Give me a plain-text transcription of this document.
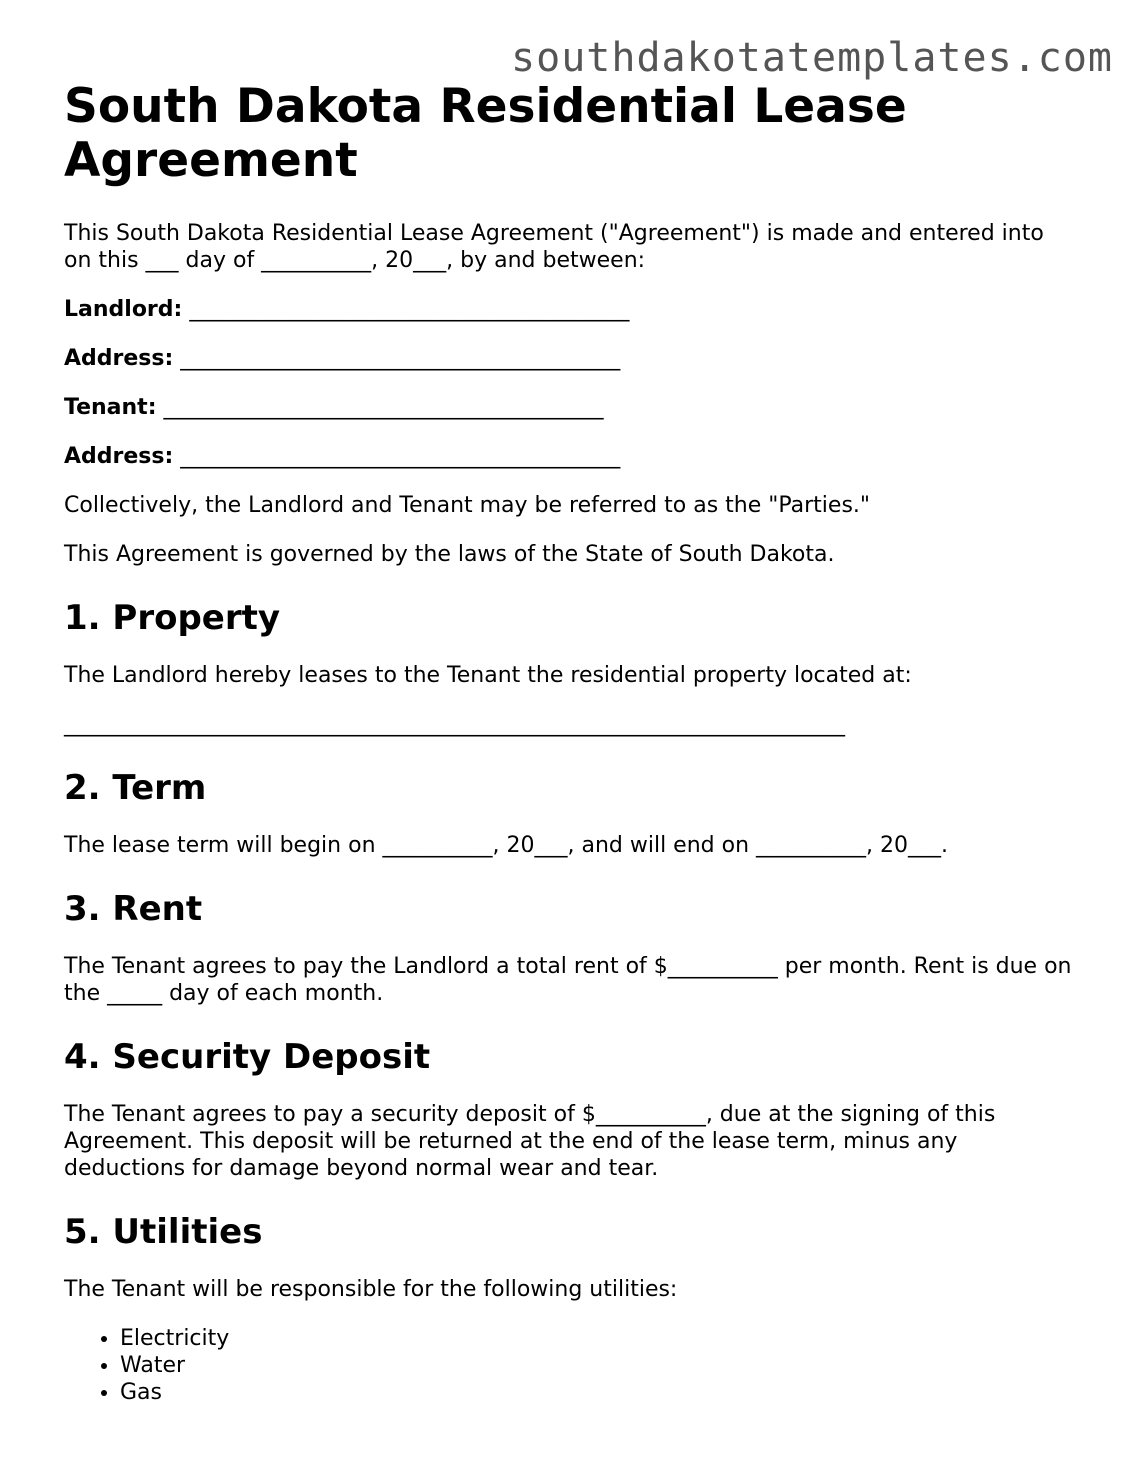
southdakotatemplates.com
South Dakota Residential Lease Agreement

This South Dakota Residential Lease Agreement ("Agreement") is made and entered into on this ___ day of __________, 20___, by and between:

Landlord: ________________________________________

Address: ________________________________________

Tenant: ________________________________________

Address: ________________________________________

Collectively, the Landlord and Tenant may be referred to as the "Parties."

This Agreement is governed by the laws of the State of South Dakota.

1. Property

The Landlord hereby leases to the Tenant the residential property located at:

_______________________________________________________________________

2. Term

The lease term will begin on __________, 20___, and will end on __________, 20___.

3. Rent

The Tenant agrees to pay the Landlord a total rent of $__________ per month. Rent is due on the _____ day of each month.

4. Security Deposit

The Tenant agrees to pay a security deposit of $__________, due at the signing of this Agreement. This deposit will be returned at the end of the lease term, minus any deductions for damage beyond normal wear and tear.

5. Utilities

The Tenant will be responsible for the following utilities:

• Electricity
• Water
• Gas
